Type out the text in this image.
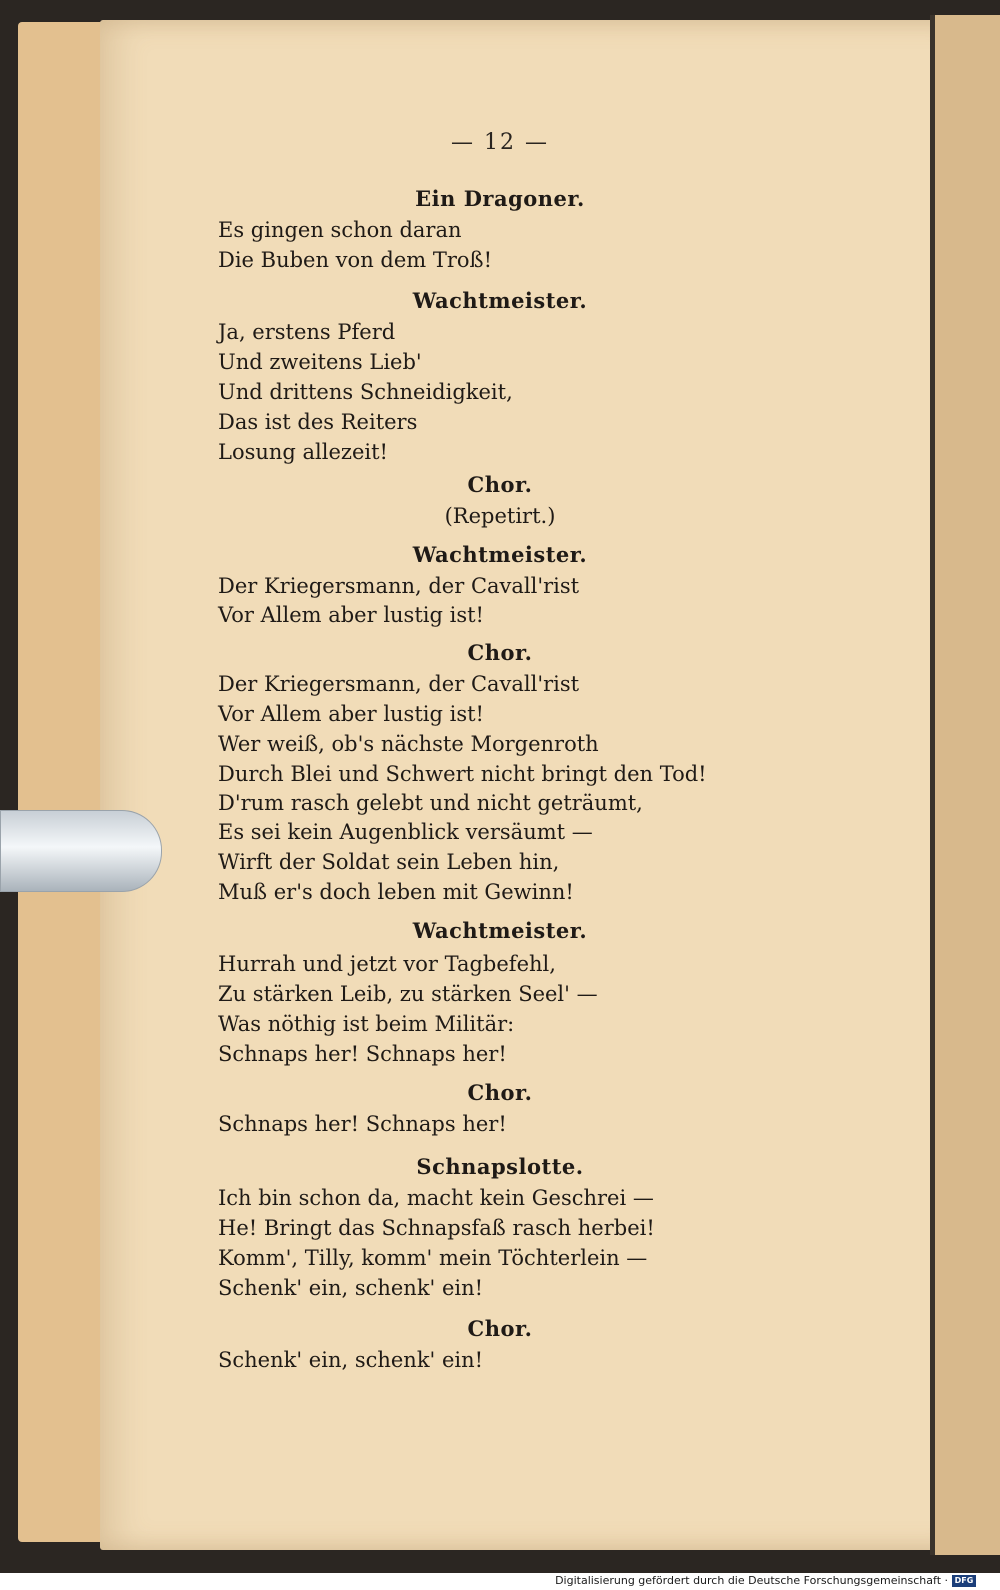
— 12 —
Ein Dragoner.
Es gingen schon daran
Die Buben von dem Troß!
Wachtmeister.
Ja, erstens Pferd
Und zweitens Lieb'
Und drittens Schneidigkeit,
Das ist des Reiters
Losung allezeit!
Chor.
(Repetirt.)
Wachtmeister.
Der Kriegersmann, der Cavall'rist
Vor Allem aber lustig ist!
Chor.
Der Kriegersmann, der Cavall'rist
Vor Allem aber lustig ist!
Wer weiß, ob's nächste Morgenroth
Durch Blei und Schwert nicht bringt den Tod!
D'rum rasch gelebt und nicht geträumt,
Es sei kein Augenblick versäumt —
Wirft der Soldat sein Leben hin,
Muß er's doch leben mit Gewinn!
Wachtmeister.
Hurrah und jetzt vor Tagbefehl,
Zu stärken Leib, zu stärken Seel' —
Was nöthig ist beim Militär:
Schnaps her! Schnaps her!
Chor.
Schnaps her! Schnaps her!
Schnapslotte.
Ich bin schon da, macht kein Geschrei —
He! Bringt das Schnapsfaß rasch herbei!
Komm', Tilly, komm' mein Töchterlein —
Schenk' ein, schenk' ein!
Chor.
Schenk' ein, schenk' ein!
Digitalisierung gefördert durch die Deutsche Forschungsgemeinschaft · DFG
